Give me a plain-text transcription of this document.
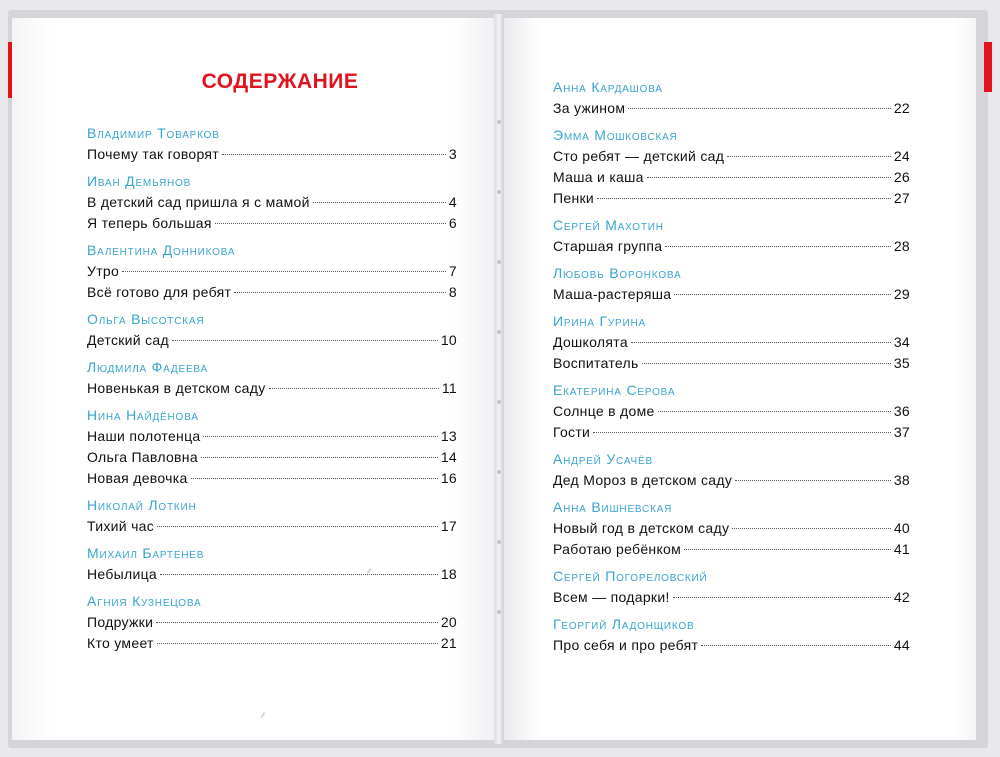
СОДЕРЖАНИЕ
Владимир Товарков
Почему так говорят	3
Иван Демьянов
В детский сад пришла я с мамой	4
Я теперь большая	6
Валентина Донникова
Утро	7
Всё готово для ребят	8
Ольга Высотская
Детский сад	10
Людмила Фадеева
Новенькая в детском саду	11
Нина Найдёнова
Наши полотенца	13
Ольга Павловна	14
Новая девочка	16
Николай Лоткин
Тихий час	17
Михаил Бартенев
Небылица	18
Агния Кузнецова
Подружки	20
Кто умеет	21
Анна Кардашова
За ужином	22
Эмма Мошковская
Сто ребят — детский сад	24
Маша и каша	26
Пенки	27
Сергей Махотин
Старшая группа	28
Любовь Воронкова
Маша-растеряша	29
Ирина Гурина
Дошколята	34
Воспитатель	35
Екатерина Серова
Солнце в доме	36
Гости	37
Андрей Усачёв
Дед Мороз в детском саду	38
Анна Вишневская
Новый год в детском саду	40
Работаю ребёнком	41
Сергей Погореловский
Всем — подарки!	42
Георгий Ладонщиков
Про себя и про ребят	44
